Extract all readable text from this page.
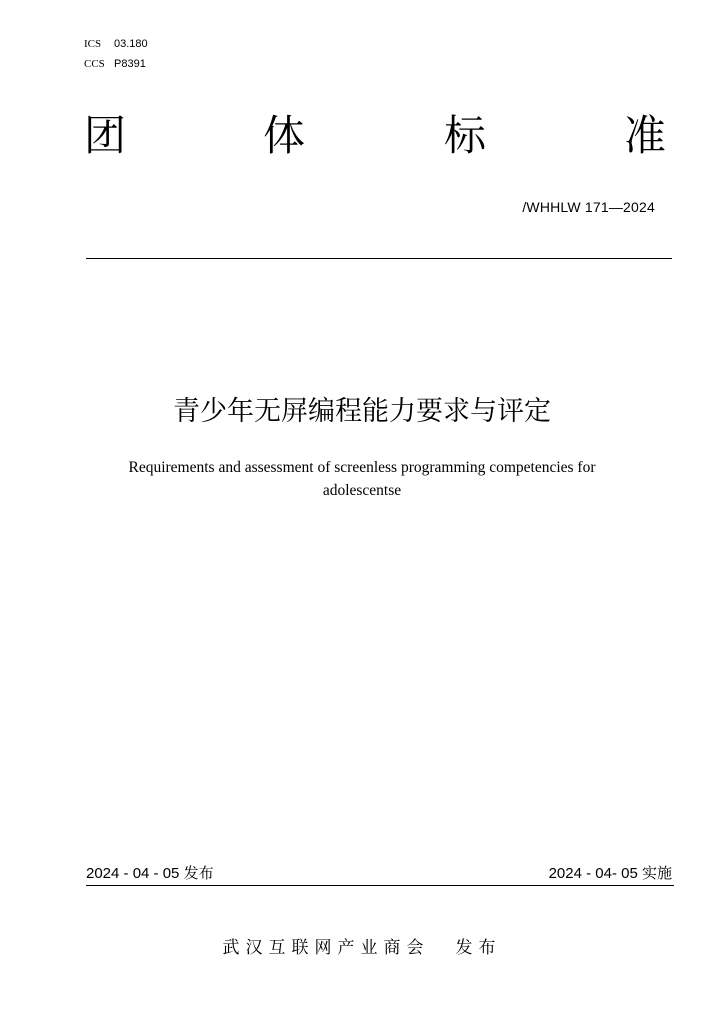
ICS 03.180
CCS P8391
团	体	标	准
/WHHLW 171—2024
青少年无屏编程能力要求与评定
Requirements and assessment of screenless programming competencies for adolescentse
2024 - 04 - 05 发布	2024 - 04- 05 实施
武汉互联网产业商会 发布
